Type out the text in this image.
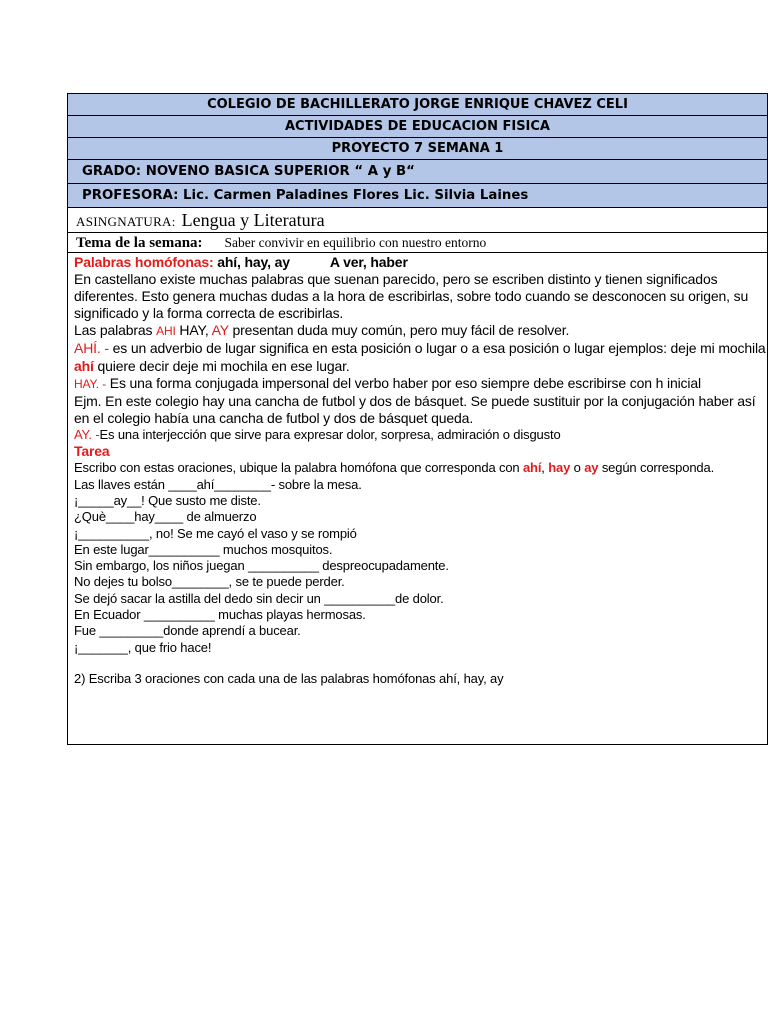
COLEGIO DE BACHILLERATO JORGE ENRIQUE CHAVEZ CELI
ACTIVIDADES DE EDUCACION FISICA
PROYECTO 7 SEMANA 1
GRADO: NOVENO BASICA SUPERIOR “ A y B“
PROFESORA: Lic. Carmen Paladines Flores Lic. Silvia Laines
ASINGNATURA: Lengua y Literatura
Tema de la semana: Saber convivir en equilibrio con nuestro entorno

Palabras homófonas: ahí, hay, ay	A ver, haber

En castellano existe muchas palabras que suenan parecido, pero se escriben distinto y tienen significados diferentes. Esto genera muchas dudas a la hora de escribirlas, sobre todo cuando se desconocen su origen, su significado y la forma correcta de escribirlas.

Las palabras AHI HAY, AY presentan duda muy común, pero muy fácil de resolver.

AHÍ. - es un adverbio de lugar significa en esta posición o lugar o a esa posición o lugar ejemplos: deje mi mochila ahí quiere decir deje mi mochila en ese lugar.

HAY. - Es una forma conjugada impersonal del verbo haber por eso siempre debe escribirse con h inicial

Ejm. En este colegio hay una cancha de futbol y dos de básquet. Se puede sustituir por la conjugación haber así en el colegio había una cancha de futbol y dos de básquet queda.

AY. -Es una interjección que sirve para expresar dolor, sorpresa, admiración o disgusto

Tarea

Escribo con estas oraciones, ubique la palabra homófona que corresponda con ahí, hay o ay según corresponda.

Las llaves están ____ahí________- sobre la mesa.

¡_____ay__! Que susto me diste.

¿Què____hay____ de almuerzo

¡__________, no! Se me cayó el vaso y se rompió

En este lugar__________ muchos mosquitos.

Sin embargo, los niños juegan __________ despreocupadamente.

No dejes tu bolso________, se te puede perder.

Se dejó sacar la astilla del dedo sin decir un __________de dolor.

En Ecuador __________ muchas playas hermosas.

Fue _________donde aprendí a bucear.

¡_______, que frio hace!

2) Escriba 3 oraciones con cada una de las palabras homófonas ahí, hay, ay
